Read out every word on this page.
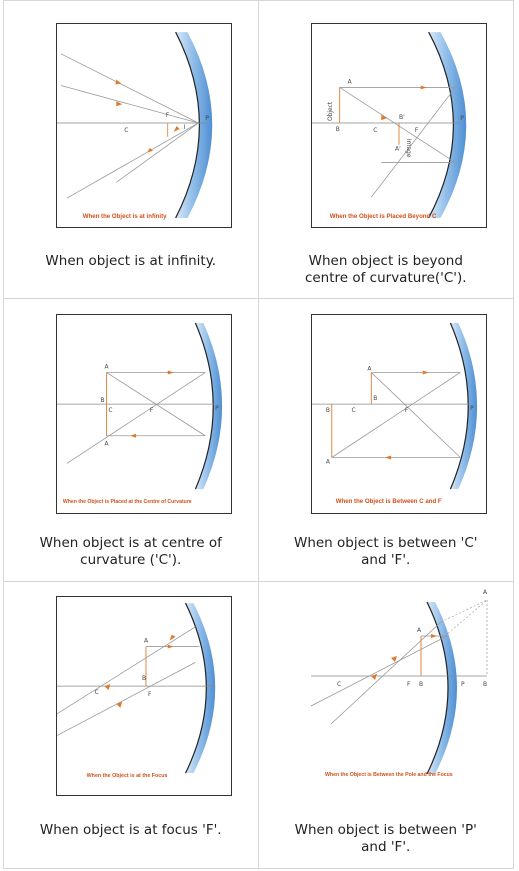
C
F
I
P
When the Object is at infinity
When object is at infinity.
A
B	C
B'
A'
F
P
Object
Image
When the Object is Placed Beyond C
When object is beyond centre of curvature('C').
A
B
C	F	P
A
When the Object is Placed at the Centre of Curvature
When object is at centre of curvature ('C').
A
B
C	F	P
B
A
When the Object is Between C and F
When object is between 'C' and 'F'.
A
B
C	F
When the Object is at the Focus
When object is at focus 'F'.
A
B
C	F	P
A
B
When the Object is Between the Pole and the Focus
When object is between 'P' and 'F'.
